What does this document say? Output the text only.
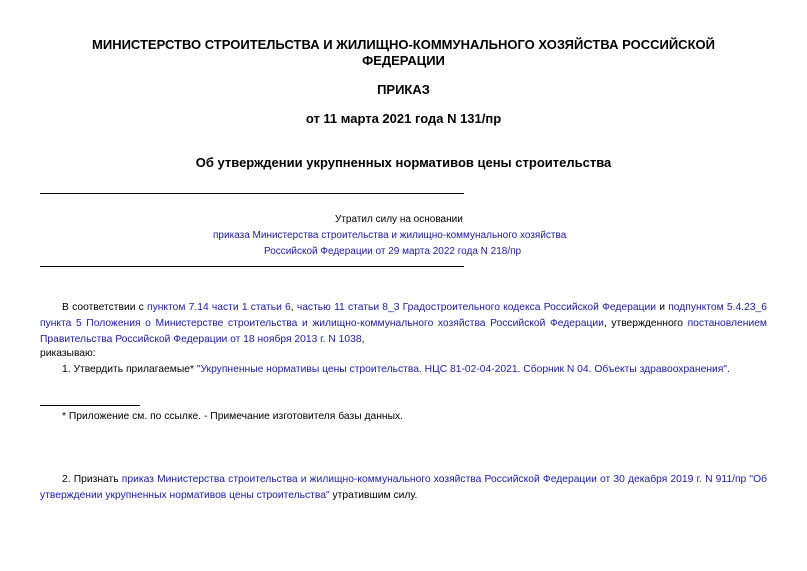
МИНИСТЕРСТВО СТРОИТЕЛЬСТВА И ЖИЛИЩНО-КОММУНАЛЬНОГО ХОЗЯЙСТВА РОССИЙСКОЙ ФЕДЕРАЦИИ
ПРИКАЗ
от 11 марта 2021 года N 131/пр
Об утверждении укрупненных нормативов цены строительства
Утратил силу на основании
приказа Министерства строительства и жилищно-коммунального хозяйства
Российской Федерации от 29 марта 2022 года N 218/пр
В соответствии с пунктом 7.14 части 1 статьи 6, частью 11 статьи 8_3 Градостроительного кодекса Российской Федерации и подпунктом 5.4.23_6 пункта 5 Положения о Министерстве строительства и жилищно-коммунального хозяйства Российской Федерации, утвержденного постановлением Правительства Российской Федерации от 18 ноября 2013 г. N 1038,
риказываю:
1. Утвердить прилагаемые* "Укрупненные нормативы цены строительства. НЦС 81-02-04-2021. Сборник N 04. Объекты здравоохранения".
* Приложение см. по ссылке. - Примечание изготовителя базы данных.
2. Признать приказ Министерства строительства и жилищно-коммунального хозяйства Российской Федерации от 30 декабря 2019 г. N 911/пр "Об утверждении укрупненных нормативов цены строительства" утратившим силу.
